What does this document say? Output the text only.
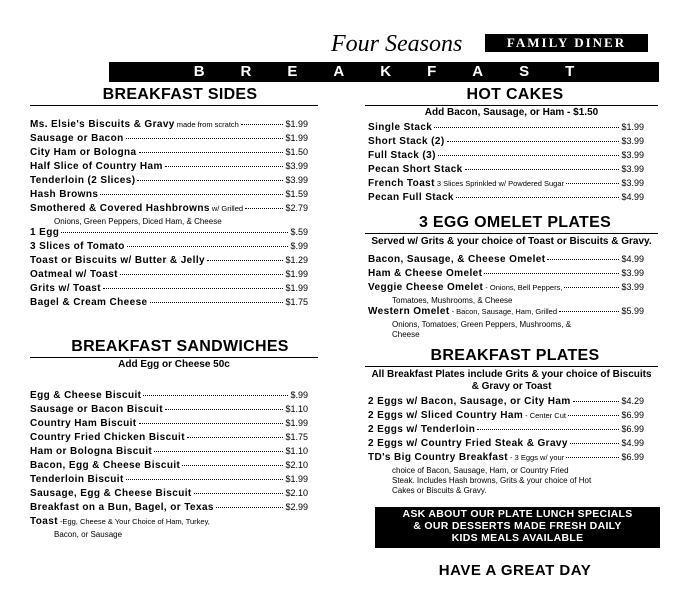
Four Seasons	FAMILY DINER
B R E A K F A S T
BREAKFAST SIDES
Ms. Elsie's Biscuits & Gravy made from scratch	$1.99
Sausage or Bacon	$1.99
City Ham or Bologna	$1.50
Half Slice of Country Ham	$3.99
Tenderloin (2 Slices)	$3.99
Hash Browns	$1.59
Smothered & Covered Hashbrowns w/ Grilled	$2.79
Onions, Green Peppers, Diced Ham, & Cheese
1 Egg	$.59
3 Slices of Tomato	$.99
Toast or Biscuits w/ Butter & Jelly	$1.29
Oatmeal w/ Toast	$1.99
Grits w/ Toast	$1.99
Bagel & Cream Cheese	$1.75
BREAKFAST SANDWICHES
Add Egg or Cheese 50c
Egg & Cheese Biscuit	$.99
Sausage or Bacon Biscuit	$1.10
Country Ham Biscuit	$1.99
Country Fried Chicken Biscuit	$1.75
Ham or Bologna Biscuit	$1.10
Bacon, Egg & Cheese Biscuit	$2.10
Tenderloin Biscuit	$1.99
Sausage, Egg & Cheese Biscuit	$2.10
Breakfast on a Bun, Bagel, or Texas	$2.99
Toast -Egg, Cheese & Your Choice of Ham, Turkey,
Bacon, or Sausage
HOT CAKES
Add Bacon, Sausage, or Ham - $1.50
Single Stack	$1.99
Short Stack (2)	$3.99
Full Stack (3)	$3.99
Pecan Short Stack	$3.99
French Toast 3 Slices Sprinkled w/ Powdered Sugar	$3.99
Pecan Full Stack	$4.99
3 EGG OMELET PLATES
Served w/ Grits & your choice of Toast or Biscuits & Gravy.
Bacon, Sausage, & Cheese Omelet	$4.99
Ham & Cheese Omelet	$3.99
Veggie Cheese Omelet - Onions, Bell Peppers,	$3.99
Tomatoes, Mushrooms, & Cheese
Western Omelet - Bacon, Sausage, Ham, Grilled	$5.99
Onions, Tomatoes, Green Peppers, Mushrooms, &
Cheese
BREAKFAST PLATES
All Breakfast Plates include Grits & your choice of Biscuits
& Gravy or Toast
2 Eggs w/ Bacon, Sausage, or City Ham	$4.29
2 Eggs w/ Sliced Country Ham - Center Cut	$6.99
2 Eggs w/ Tenderloin	$6.99
2 Eggs w/ Country Fried Steak & Gravy	$4.99
TD's Big Country Breakfast - 3 Eggs w/ your	$6.99
choice of Bacon, Sausage, Ham, or Country Fried
Steak. Includes Hash browns, Grits & your choice of Hot
Cakes or Biscuits & Gravy.
ASK ABOUT OUR PLATE LUNCH SPECIALS
& OUR DESSERTS MADE FRESH DAILY
KIDS MEALS AVAILABLE
HAVE A GREAT DAY
